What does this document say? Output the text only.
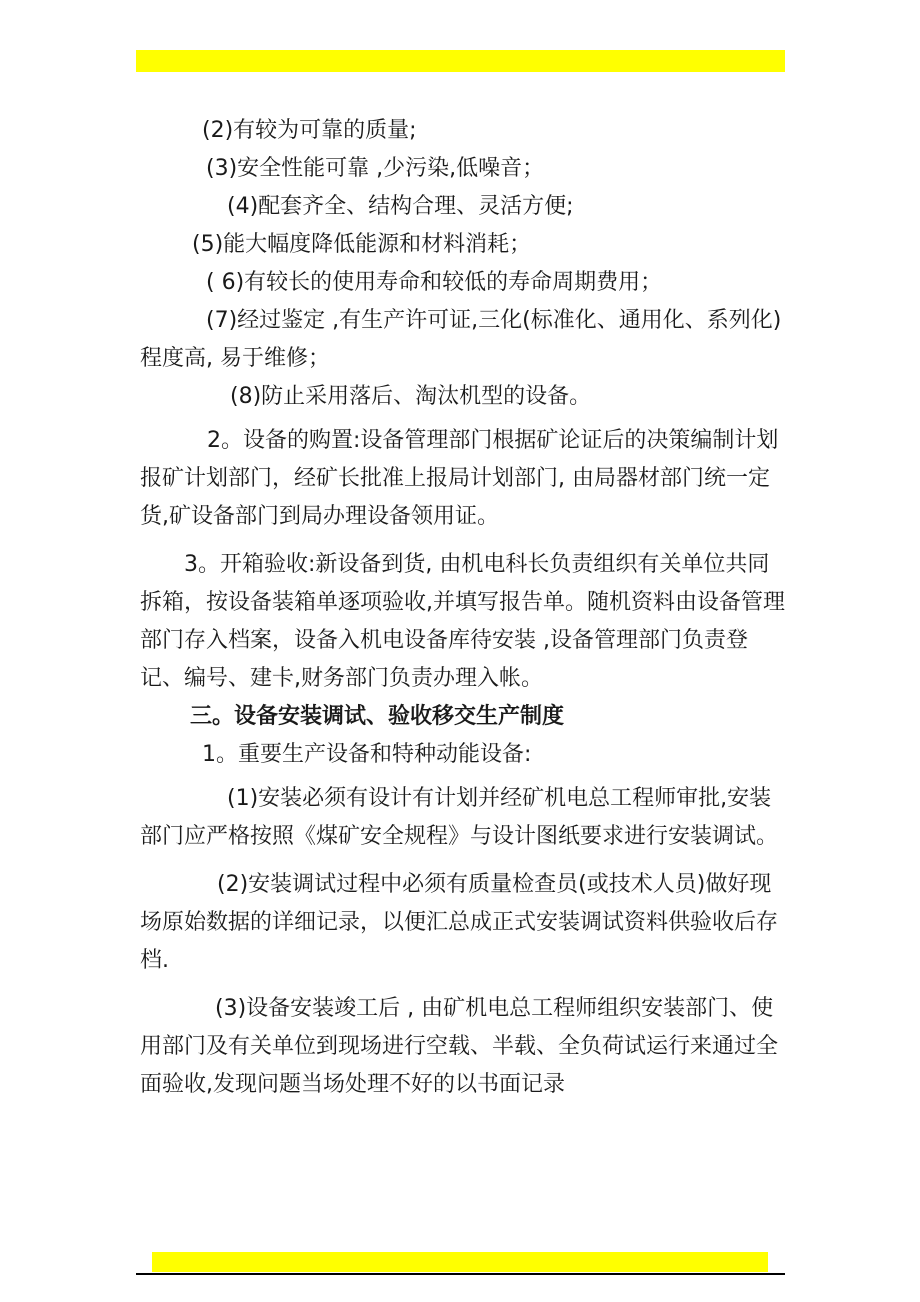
(2)有较为可靠的质量;

(3)安全性能可靠 ,少污染,低噪音；

(4)配套齐全、结构合理、灵活方便;

(5)能大幅度降低能源和材料消耗；

( 6)有较长的使用寿命和较低的寿命周期费用；

(7)经过鉴定 ,有生产许可证,三化(标准化、通用化、系列化)程度高, 易于维修；

(8)防止采用落后、淘汰机型的设备。

2。设备的购置:设备管理部门根据矿论证后的决策编制计划报矿计划部门，经矿长批准上报局计划部门, 由局器材部门统一定货,矿设备部门到局办理设备领用证。

3。开箱验收:新设备到货, 由机电科长负责组织有关单位共同拆箱，按设备装箱单逐项验收,并填写报告单。随机资料由设备管理部门存入档案，设备入机电设备库待安装 ,设备管理部门负责登记、编号、建卡,财务部门负责办理入帐。

三。设备安装调试、验收移交生产制度

1。重要生产设备和特种动能设备:

(1)安装必须有设计有计划并经矿机电总工程师审批,安装部门应严格按照《煤矿安全规程》与设计图纸要求进行安装调试。

(2)安装调试过程中必须有质量检查员(或技术人员)做好现场原始数据的详细记录，以便汇总成正式安装调试资料供验收后存档.

(3)设备安装竣工后 , 由矿机电总工程师组织安装部门、使用部门及有关单位到现场进行空载、半载、全负荷试运行来通过全面验收,发现问题当场处理不好的以书面记录
